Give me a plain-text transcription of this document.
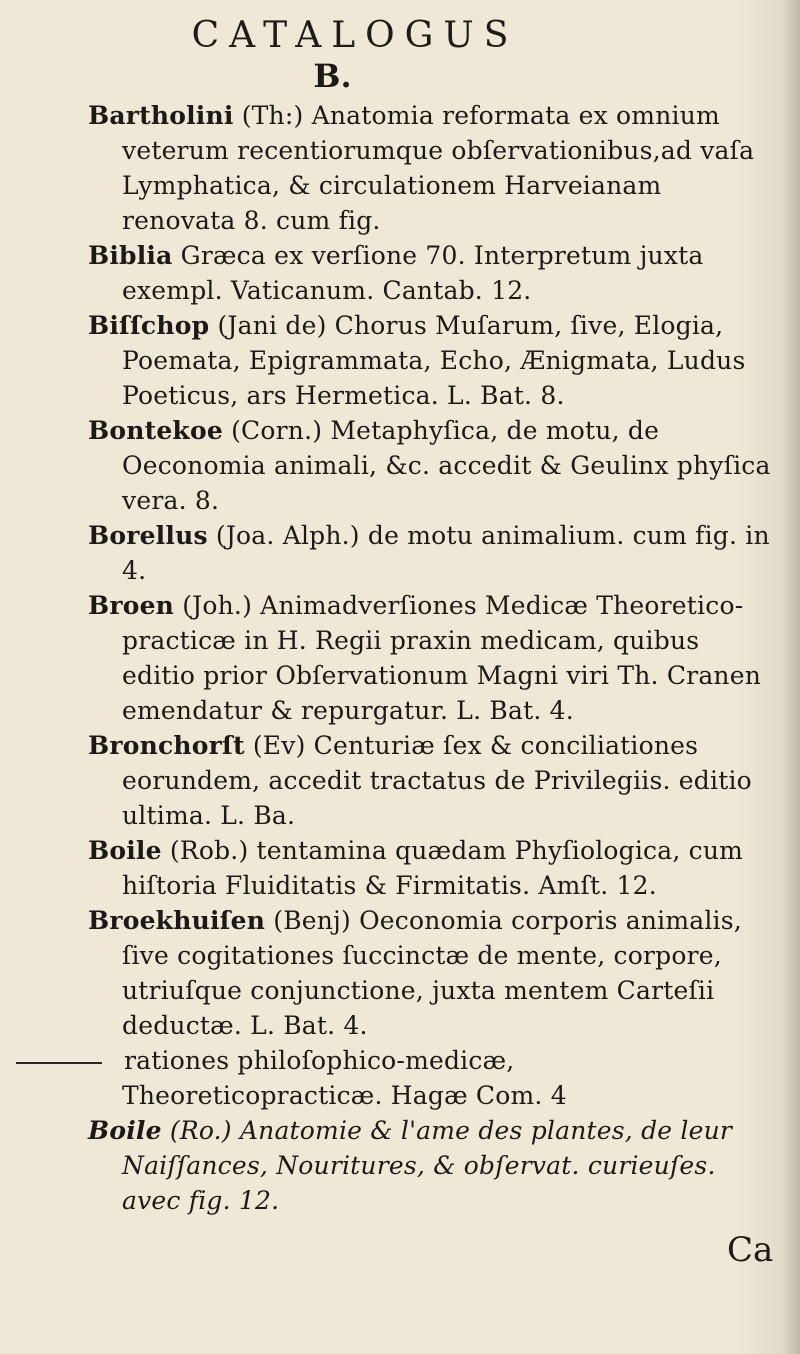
CATALOGUS
B.

Bartholini (Th:) Anatomia reformata ex omnium veterum recentiorumque obſervationibus,ad vaſa Lymphatica, & circulationem Harveianam renovata 8. cum fig.

Biblia Græca ex verſione 70. Interpretum juxta exempl. Vaticanum. Cantab. 12.

Biſſchop (Jani de) Chorus Muſarum, ſive, Elogia, Poemata, Epigrammata, Echo, Ænigmata, Ludus Poeticus, ars Hermetica. L. Bat. 8.

Bontekoe (Corn.) Metaphyſica, de motu, de Oeconomia animali, &c. accedit & Geulinx phyſica vera. 8.

Borellus (Joa. Alph.) de motu animalium. cum fig. in 4.

Broen (Joh.) Animadverſiones Medicæ Theoretico-practicæ in H. Regii praxin medicam, quibus editio prior Obſervationum Magni viri Th. Cranen emendatur & repurgatur. L. Bat. 4.

Bronchorſt (Ev) Centuriæ ſex & conciliationes eorundem, accedit tractatus de Privilegiis. editio ultima. L. Ba.

Boile (Rob.) tentamina quædam Phyſiologica, cum hiſtoria Fluiditatis & Firmitatis. Amſt. 12.

Broekhuiſen (Benj) Oeconomia corporis animalis, ſive cogitationes ſuccinctæ de mente, corpore, utriuſque conjunctione, juxta mentem Carteſii deductæ. L. Bat. 4.

rationes philoſophico-medicæ, Theoreticopracticæ. Hagæ Com. 4

Boile (Ro.) Anatomie & l'ame des plantes, de leur Naiſſances, Nouritures, & obſervat. curieuſes. avec fig. 12.

Ca
